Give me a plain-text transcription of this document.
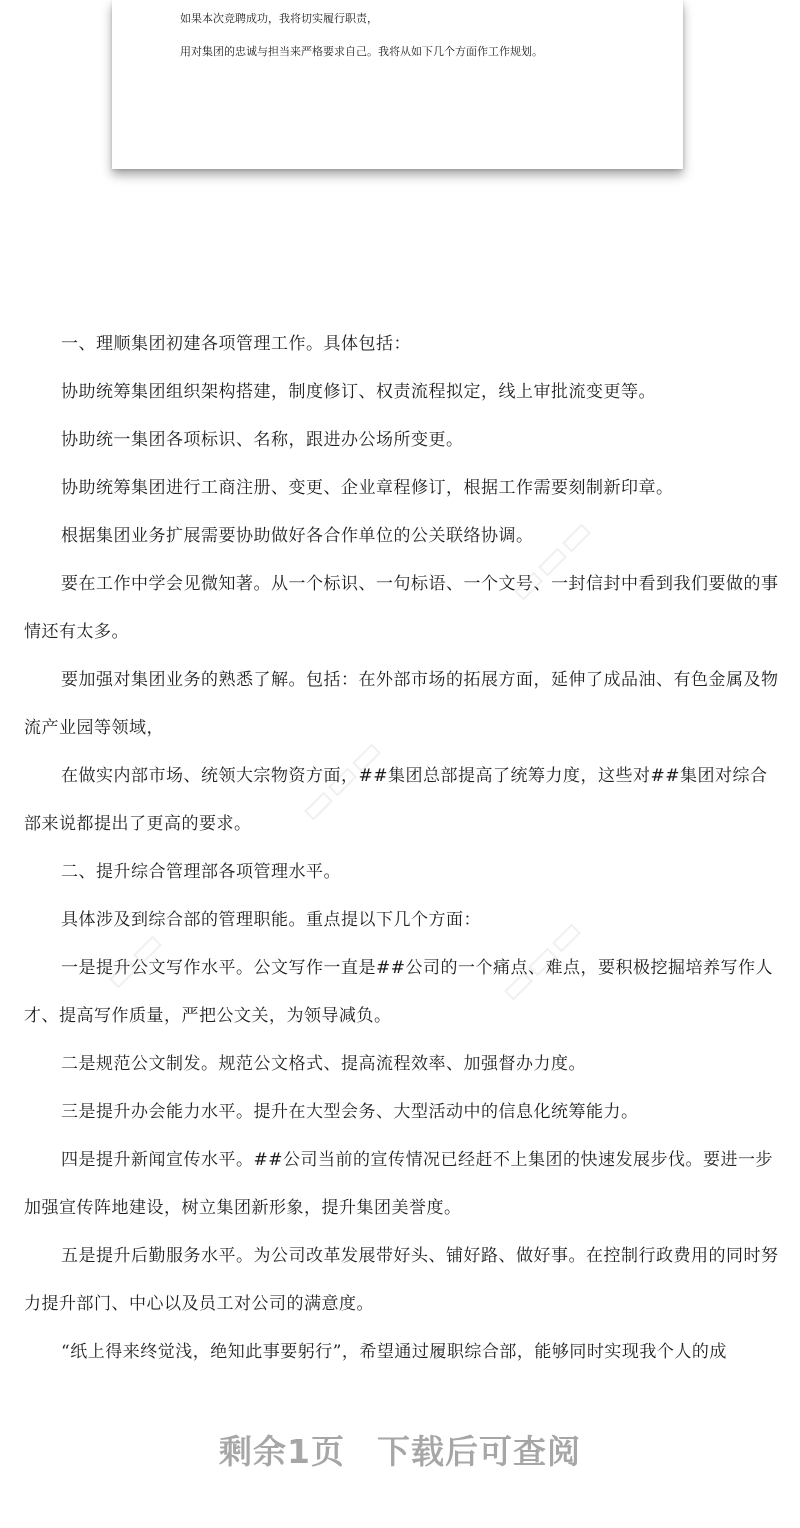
如果本次竞聘成功，我将切实履行职责，
用对集团的忠诚与担当来严格要求自己。我将从如下几个方面作工作规划。
▭▭▭
▭▭▭
▭▭▭
▭▭
一、理顺集团初建各项管理工作。具体包括：
协助统筹集团组织架构搭建，制度修订、权责流程拟定，线上审批流变更等。
协助统一集团各项标识、名称，跟进办公场所变更。
协助统筹集团进行工商注册、变更、企业章程修订，根据工作需要刻制新印章。
根据集团业务扩展需要协助做好各合作单位的公关联络协调。
要在工作中学会见微知著。从一个标识、一句标语、一个文号、一封信封中看到我们要做的事情还有太多。
要加强对集团业务的熟悉了解。包括：在外部市场的拓展方面，延伸了成品油、有色金属及物流产业园等领域，
在做实内部市场、统领大宗物资方面，##集团总部提高了统筹力度，这些对##集团对综合部来说都提出了更高的要求。
二、提升综合管理部各项管理水平。
具体涉及到综合部的管理职能。重点提以下几个方面：
一是提升公文写作水平。公文写作一直是##公司的一个痛点、难点，要积极挖掘培养写作人才、提高写作质量，严把公文关，为领导减负。
二是规范公文制发。规范公文格式、提高流程效率、加强督办力度。
三是提升办会能力水平。提升在大型会务、大型活动中的信息化统筹能力。
四是提升新闻宣传水平。##公司当前的宣传情况已经赶不上集团的快速发展步伐。要进一步加强宣传阵地建设，树立集团新形象，提升集团美誉度。
五是提升后勤服务水平。为公司改革发展带好头、铺好路、做好事。在控制行政费用的同时努力提升部门、中心以及员工对公司的满意度。
“纸上得来终觉浅，绝知此事要躬行”，希望通过履职综合部，能够同时实现我个人的成
剩余1页 下载后可查阅
